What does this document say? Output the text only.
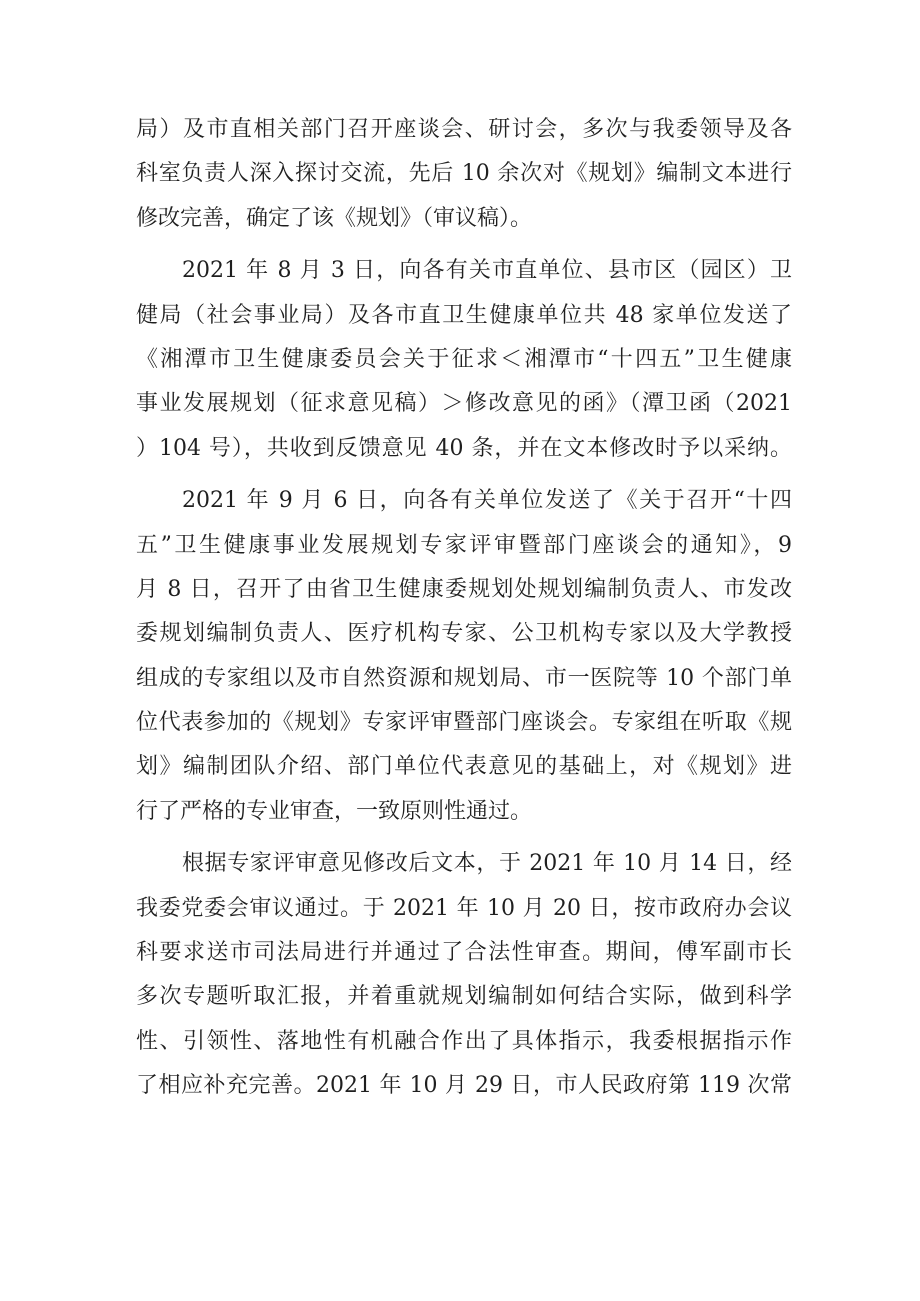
局）及市直相关部门召开座谈会、研讨会，多次与我委领导及各
科室负责人深入探讨交流，先后 10 余次对《规划》编制文本进行
修改完善，确定了该《规划》（审议稿）。
2021 年 8 月 3 日，向各有关市直单位、县市区（园区）卫
健局（社会事业局）及各市直卫生健康单位共 48 家单位发送了
《湘潭市卫生健康委员会关于征求＜湘潭市“十四五”卫生健康
事业发展规划（征求意见稿）＞修改意见的函》（潭卫函（2021
）104 号），共收到反馈意见 40 条，并在文本修改时予以采纳。
2021 年 9 月 6 日，向各有关单位发送了《关于召开“十四
五”卫生健康事业发展规划专家评审暨部门座谈会的通知》，9
月 8 日，召开了由省卫生健康委规划处规划编制负责人、市发改
委规划编制负责人、医疗机构专家、公卫机构专家以及大学教授
组成的专家组以及市自然资源和规划局、市一医院等 10 个部门单
位代表参加的《规划》专家评审暨部门座谈会。专家组在听取《规
划》编制团队介绍、部门单位代表意见的基础上，对《规划》进
行了严格的专业审查，一致原则性通过。
根据专家评审意见修改后文本，于 2021 年 10 月 14 日，经
我委党委会审议通过。于 2021 年 10 月 20 日，按市政府办会议
科要求送市司法局进行并通过了合法性审查。期间，傅军副市长
多次专题听取汇报，并着重就规划编制如何结合实际，做到科学
性、引领性、落地性有机融合作出了具体指示，我委根据指示作
了相应补充完善。2021 年 10 月 29 日，市人民政府第 119 次常
